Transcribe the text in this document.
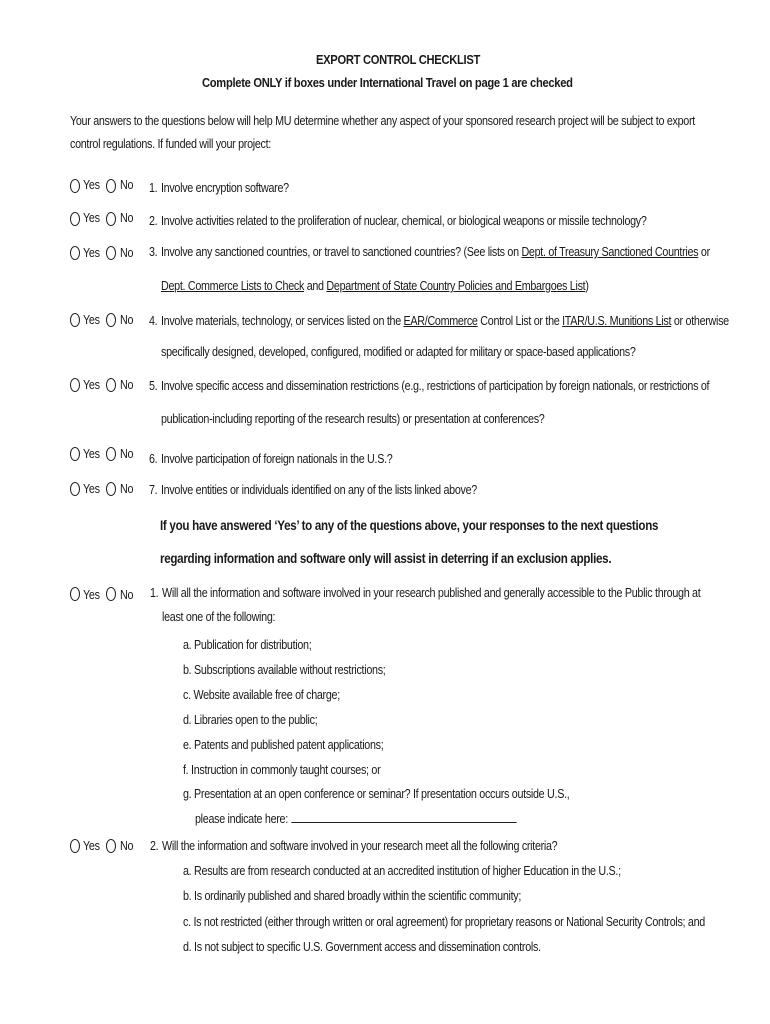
EXPORT CONTROL CHECKLIST
Complete ONLY if boxes under International Travel on page 1 are checked
Your answers to the questions below will help MU determine whether any aspect of your sponsored research project will be subject to export
control regulations. If funded will your project:
Yes No 1. Involve encryption software?
Yes No 2. Involve activities related to the proliferation of nuclear, chemical, or biological weapons or missile technology?
Yes No 3. Involve any sanctioned countries, or travel to sanctioned countries? (See lists on Dept. of Treasury Sanctioned Countries or
Dept. Commerce Lists to Check and Department of State Country Policies and Embargoes List)
Yes No 4. Involve materials, technology, or services listed on the EAR/Commerce Control List or the ITAR/U.S. Munitions List or otherwise
specifically designed, developed, configured, modified or adapted for military or space-based applications?
Yes No 5. Involve specific access and dissemination restrictions (e.g., restrictions of participation by foreign nationals, or restrictions of
publication-including reporting of the research results) or presentation at conferences?
Yes No 6. Involve participation of foreign nationals in the U.S.?
Yes No 7. Involve entities or individuals identified on any of the lists linked above?
If you have answered ‘Yes’ to any of the questions above, your responses to the next questions
regarding information and software only will assist in deterring if an exclusion applies.
Yes No 1. Will all the information and software involved in your research published and generally accessible to the Public through at
least one of the following:
a. Publication for distribution;
b. Subscriptions available without restrictions;
c. Website available free of charge;
d. Libraries open to the public;
e. Patents and published patent applications;
f. Instruction in commonly taught courses; or
g. Presentation at an open conference or seminar? If presentation occurs outside U.S.,
please indicate here:
Yes No 2. Will the information and software involved in your research meet all the following criteria?
a. Results are from research conducted at an accredited institution of higher Education in the U.S.;
b. Is ordinarily published and shared broadly within the scientific community;
c. Is not restricted (either through written or oral agreement) for proprietary reasons or National Security Controls; and
d. Is not subject to specific U.S. Government access and dissemination controls.
